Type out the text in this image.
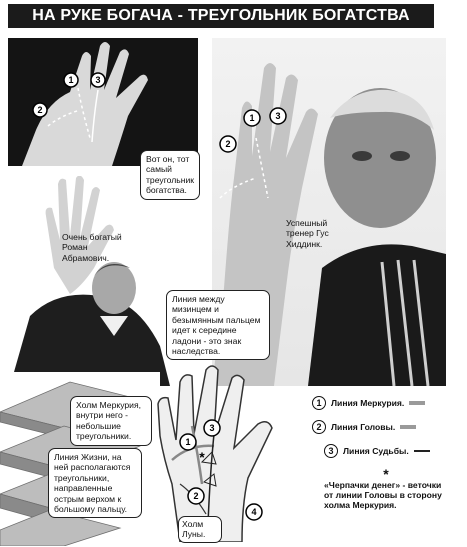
НА РУКЕ БОГАЧА - ТРЕУГОЛЬНИК БОГАТСТВА
1 3
2
1 3
2
1
3
2
4
*
Вот он, тот самый треугольник богатства.
Очень богатый Роман Абрамович.
Успешный тренер Гус Хиддинк.
Линия между мизинцем и безымянным пальцем идет к середине ладони - это знак наследства.
Холм Меркурия, внутри него - небольшие треугольники.
Линия Жизни, на ней располагаются треугольники, направленные острым верхом к большому пальцу.
Холм Луны.
1	Линия Меркурия.
2	Линия Головы.
3	Линия Судьбы.
*
«Черпачки денег» - веточки от линии Головы в сторону холма Меркурия.
